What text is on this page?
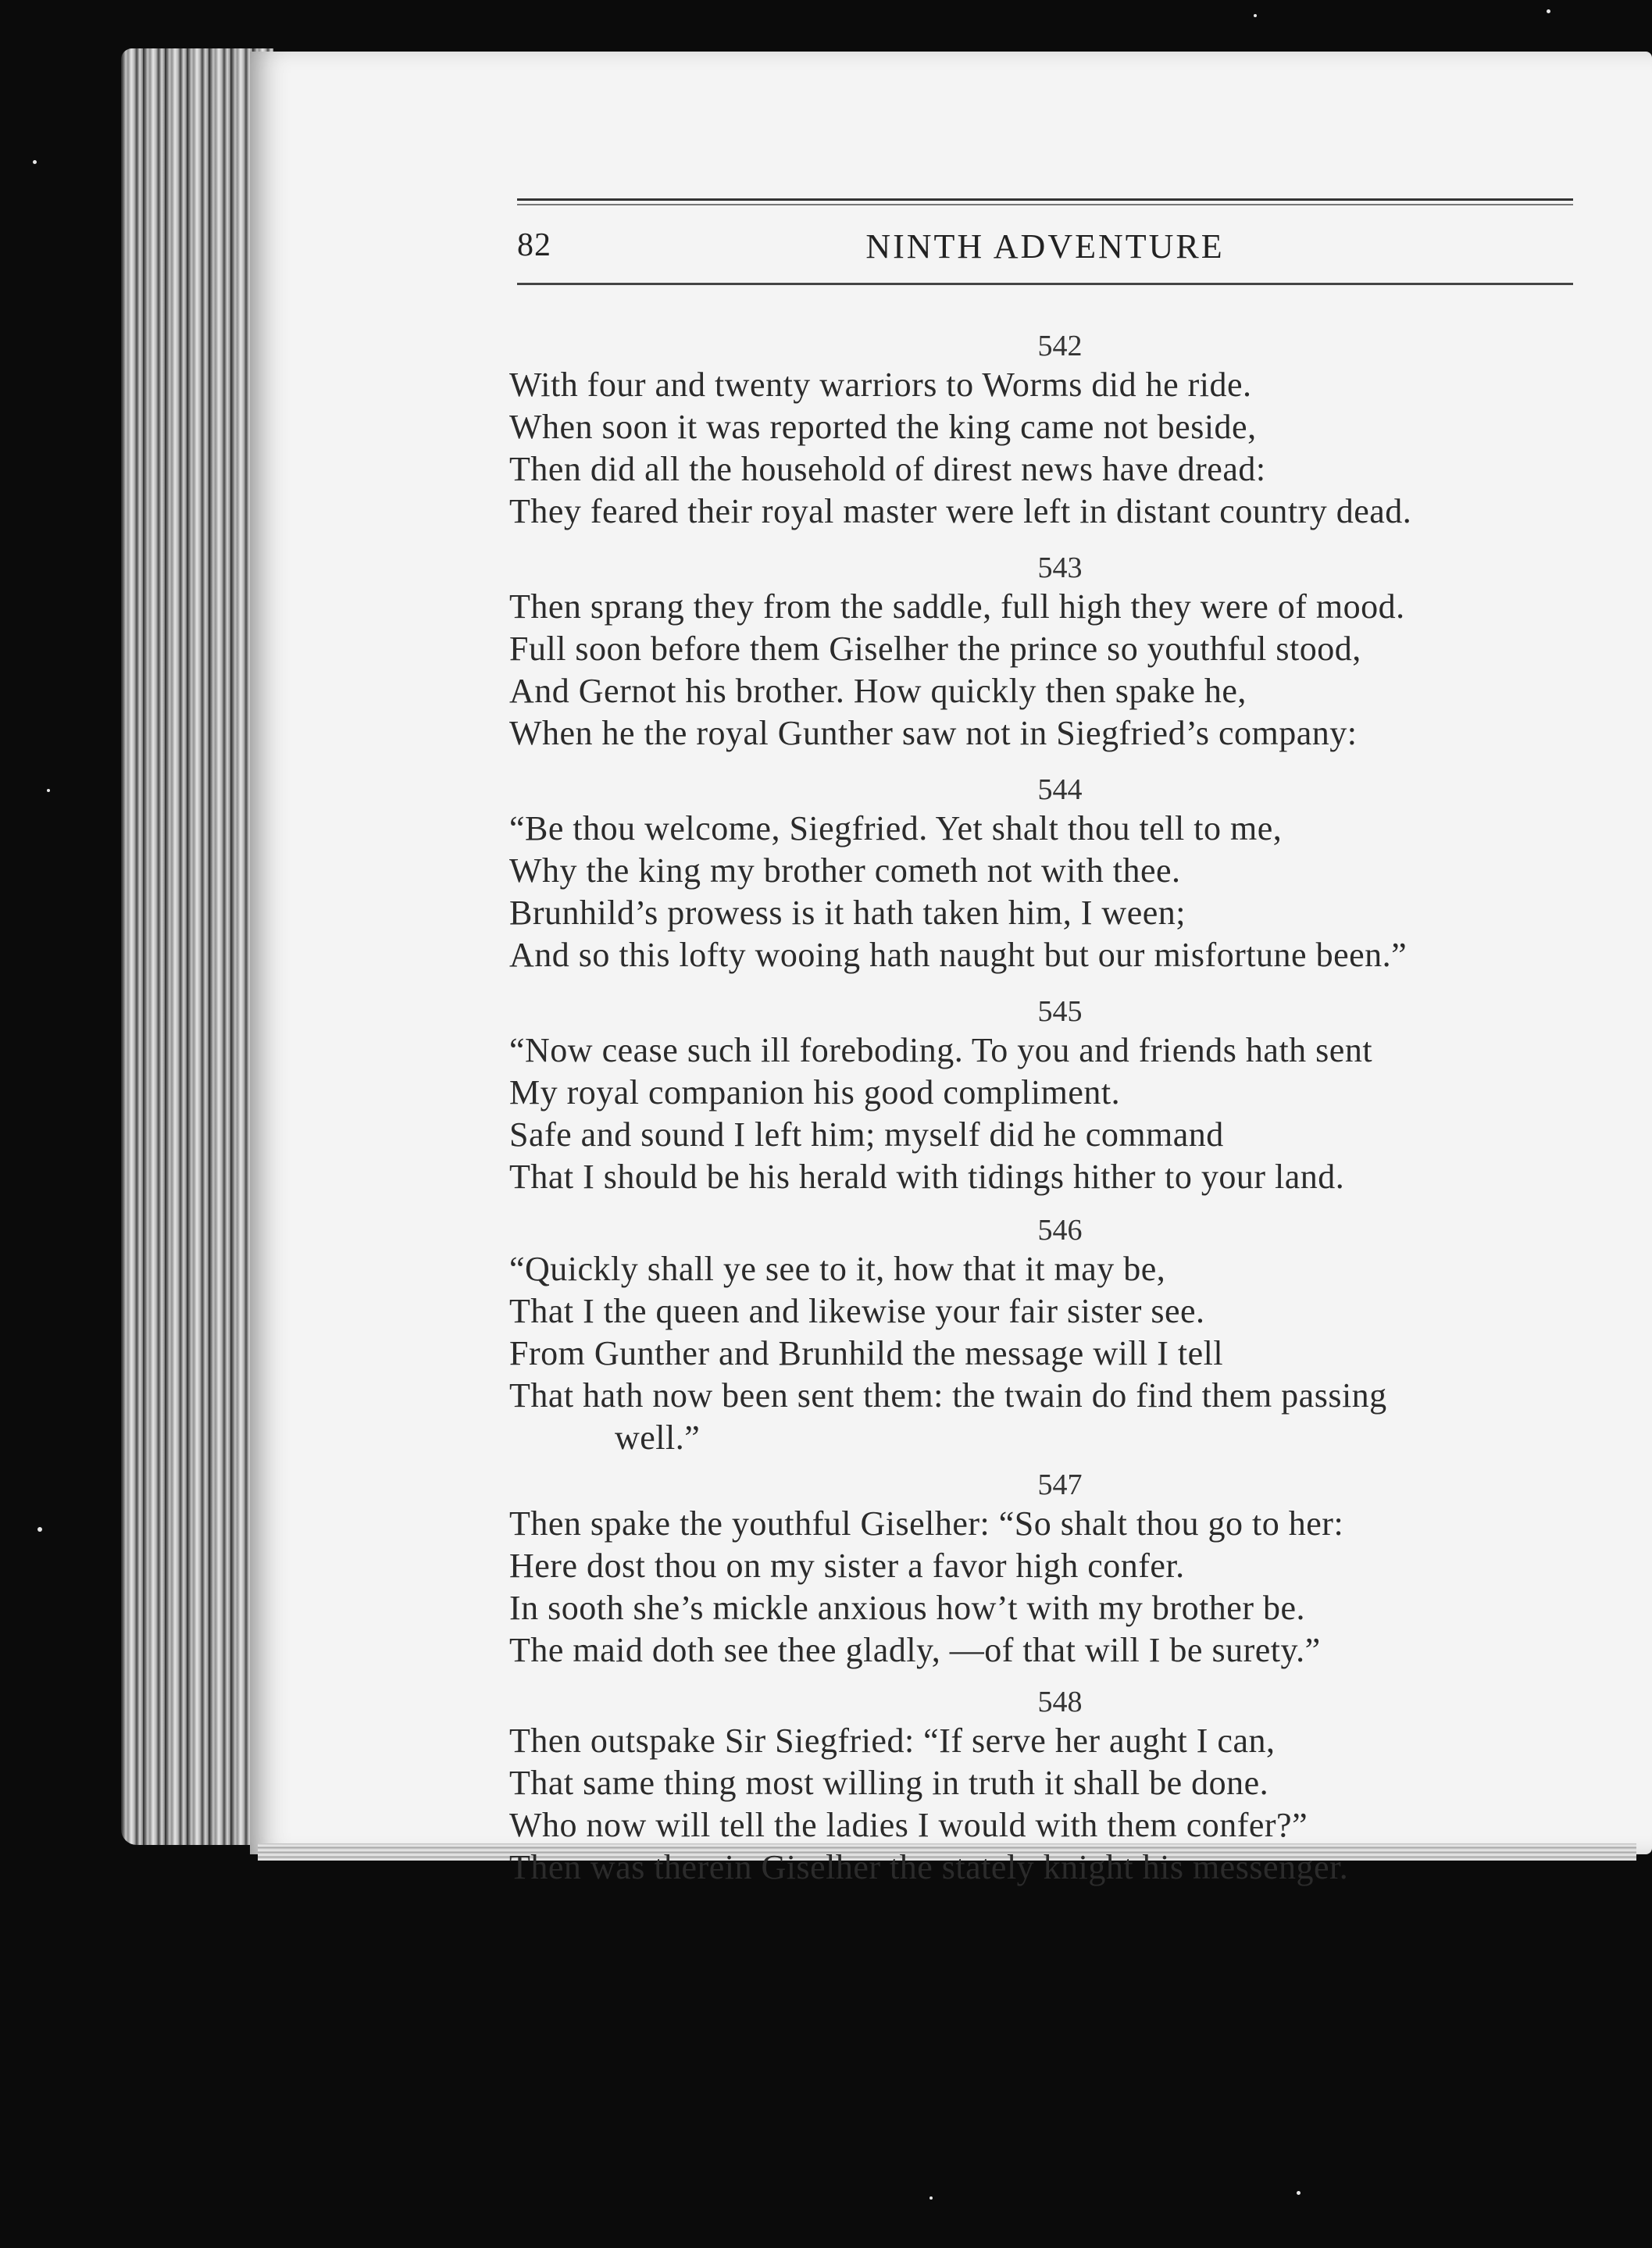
82	NINTH ADVENTURE
542
With four and twenty warriors to Worms did he ride.
When soon it was reported the king came not beside,
Then did all the household of direst news have dread:
They feared their royal master were left in distant country dead.
543
Then sprang they from the saddle, full high they were of mood.
Full soon before them Giselher the prince so youthful stood,
And Gernot his brother. How quickly then spake he,
When he the royal Gunther saw not in Siegfried’s company:
544
“Be thou welcome, Siegfried. Yet shalt thou tell to me,
Why the king my brother cometh not with thee.
Brunhild’s prowess is it hath taken him, I ween;
And so this lofty wooing hath naught but our misfortune been.”
545
“Now cease such ill foreboding. To you and friends hath sent
My royal companion his good compliment.
Safe and sound I left him; myself did he command
That I should be his herald with tidings hither to your land.
546
“Quickly shall ye see to it, how that it may be,
That I the queen and likewise your fair sister see.
From Gunther and Brunhild the message will I tell
That hath now been sent them: the twain do find them passing
well.”
547
Then spake the youthful Giselher: “So shalt thou go to her:
Here dost thou on my sister a favor high confer.
In sooth she’s mickle anxious how’t with my brother be.
The maid doth see thee gladly, —of that will I be surety.”
548
Then outspake Sir Siegfried: “If serve her aught I can,
That same thing most willing in truth it shall be done.
Who now will tell the ladies I would with them confer?”
Then was therein Giselher the stately knight his messenger.
